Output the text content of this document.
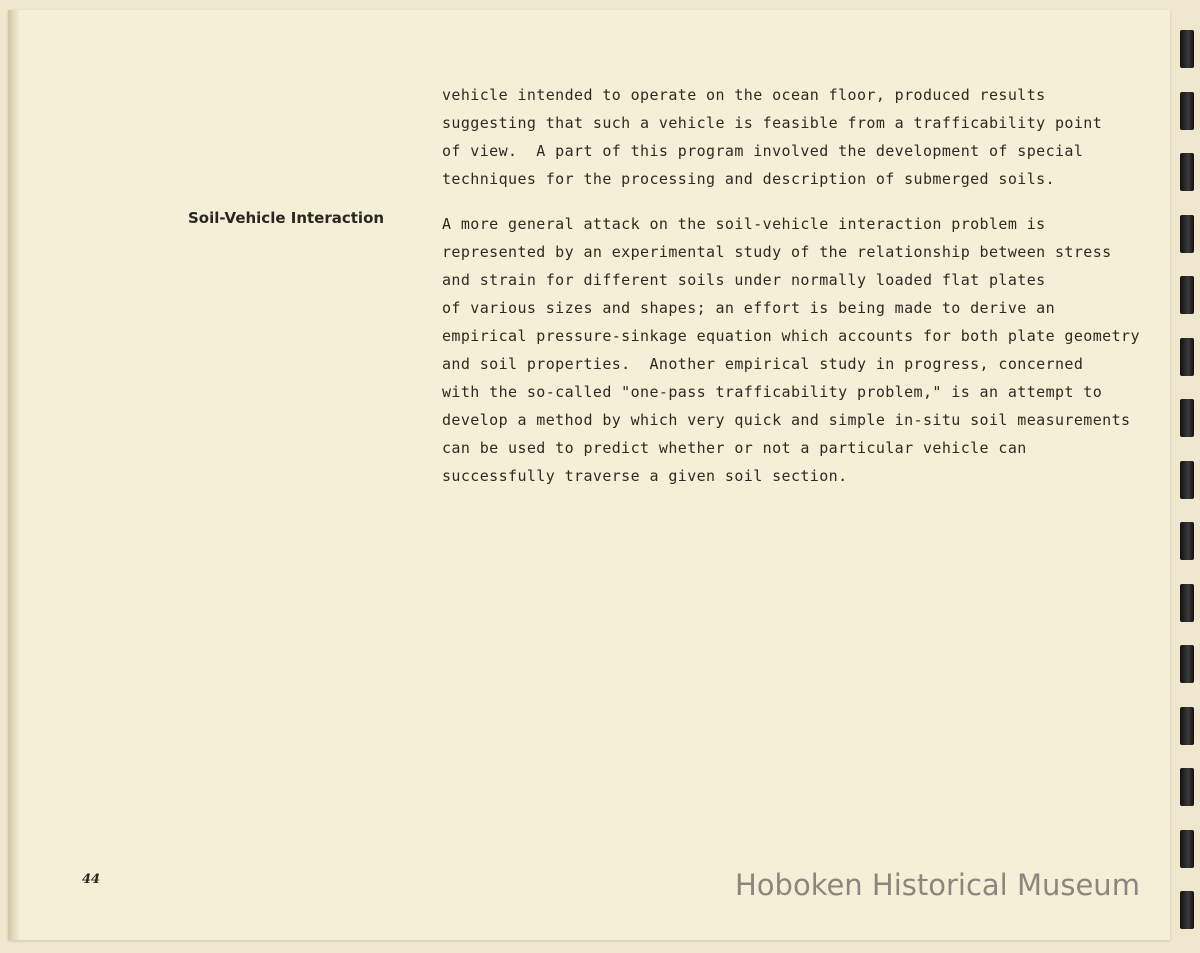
Soil-Vehicle Interaction

vehicle intended to operate on the ocean floor, produced results
suggesting that such a vehicle is feasible from a trafficability point
of view.  A part of this program involved the development of special
techniques for the processing and description of submerged soils.

A more general attack on the soil-vehicle interaction problem is
represented by an experimental study of the relationship between stress
and strain for different soils under normally loaded flat plates
of various sizes and shapes; an effort is being made to derive an
empirical pressure-sinkage equation which accounts for both plate geometry
and soil properties.  Another empirical study in progress, concerned
with the so-called "one-pass trafficability problem," is an attempt to
develop a method by which very quick and simple in-situ soil measurements
can be used to predict whether or not a particular vehicle can
successfully traverse a given soil section.

44	Hoboken Historical Museum
